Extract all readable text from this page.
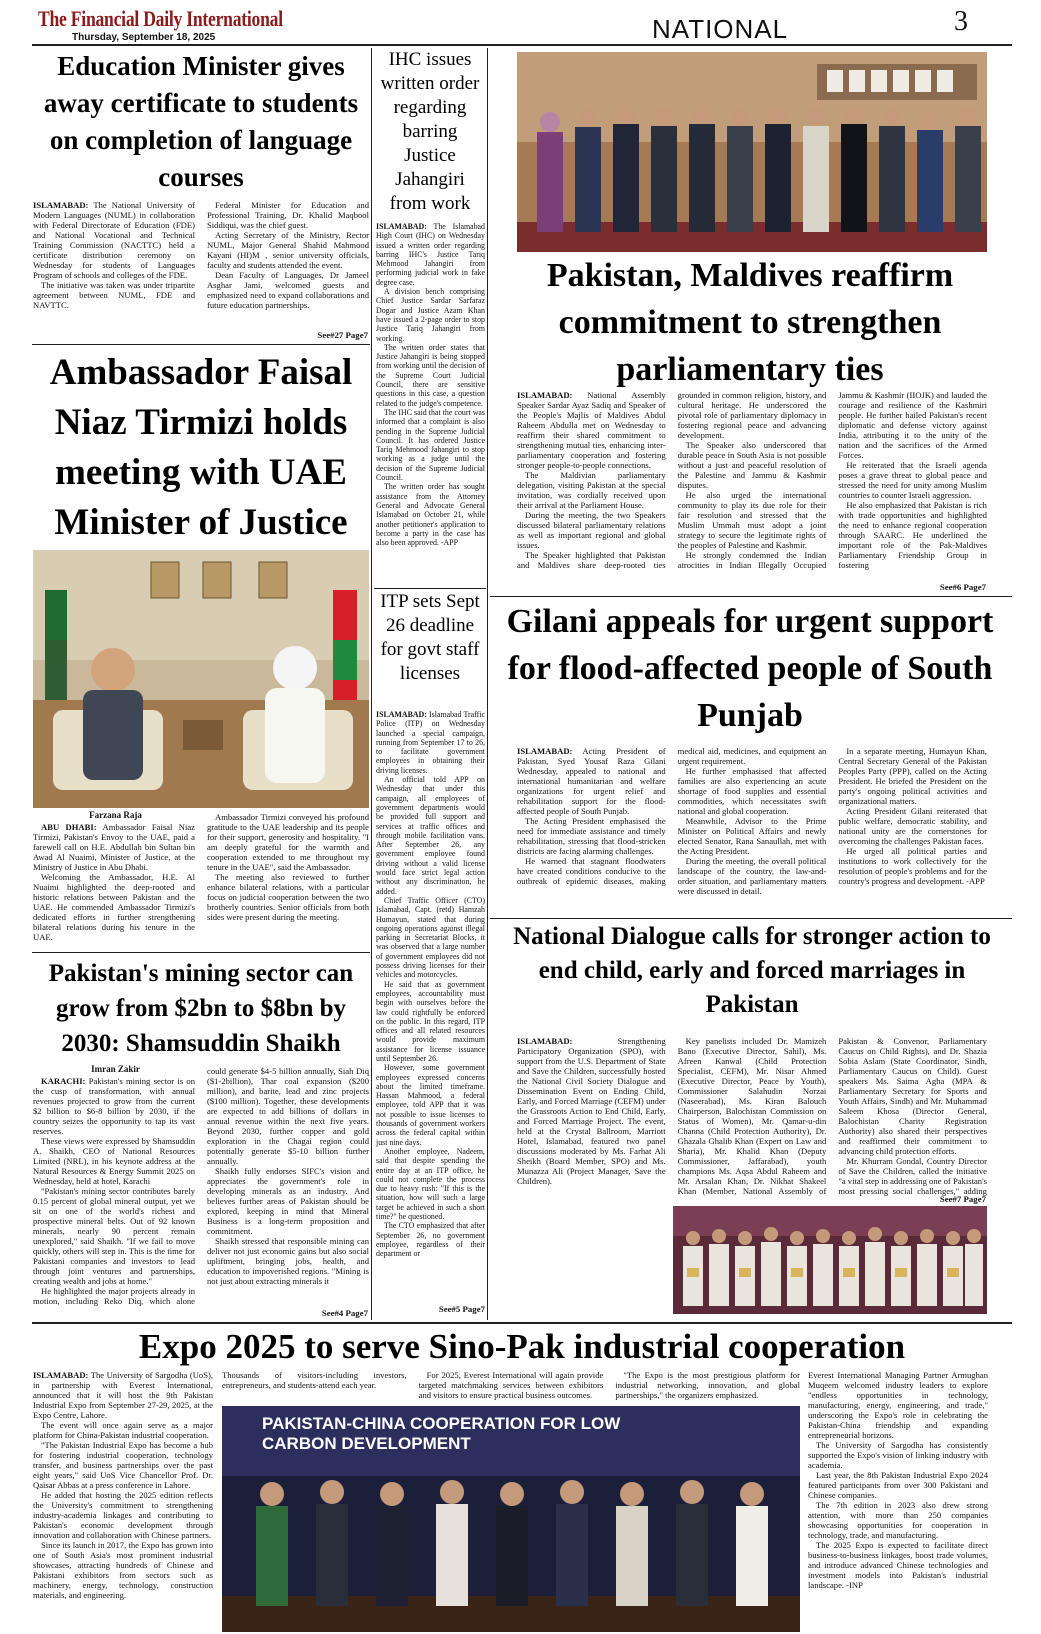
The Financial Daily International
Thursday, September 18, 2025	NATIONAL	3
Education Minister gives away certificate to students on completion of language courses

ISLAMABAD: The National University of Modern Languages (NUML) in collaboration with Federal Directorate of Education (FDE) and National Vocational and Technical Training Commission (NACTTC) held a certificate distribution ceremony on Wednesday for students of Languages Program of schools and colleges of the FDE.

The initiative was taken was under tripartite agreement between NUML, FDE and NAVTTC.

Federal Minister for Education and Professional Training, Dr. Khalid Maqbool Siddiqui, was the chief guest.

Acting Secretary of the Ministry, Rector NUML, Major General Shahid Mahmood Kayani (HI)M , senior university officials, faculty and students attended the event.

Dean Faculty of Languages, Dr Jameel Asghar Jami, welcomed guests and emphasized need to expand collaborations and future education partnerships.

See#27 Page7
Ambassador Faisal Niaz Tirmizi holds meeting with UAE Minister of Justice
Farzana Raja

ABU DHABI: Ambassador Faisal Niaz Tirmizi, Pakistan's Envoy to the UAE, paid a farewell call on H.E. Abdullah bin Sultan bin Awad Al Nuaimi, Minister of Justice, at the Ministry of Justice in Abu Dhabi.

Welcoming the Ambassador, H.E. Al Nuaimi highlighted the deep-rooted and historic relations between Pakistan and the UAE. He commended Ambassador Tirmizi's dedicated efforts in further strengthening bilateral relations during his tenure in the UAE.

Ambassador Tirmizi conveyed his profound gratitude to the UAE leadership and its people for their support, generosity and hospitality. "I am deeply grateful for the warmth and cooperation extended to me throughout my tenure in the UAE", said the Ambassador.

The meeting also reviewed to further enhance bilateral relations, with a particular focus on judicial cooperation between the two brotherly countries. Senior officials from both sides were present during the meeting.

Pakistan's mining sector can grow from $2bn to $8bn by 2030: Shamsuddin Shaikh
Imran Zakir

KARACHI: Pakistan's mining sector is on the cusp of transformation, with annual revenues projected to grow from the current $2 billion to $6-8 billion by 2030, if the country seizes the opportunity to tap its vast reserves.

These views were expressed by Shamsuddin A. Shaikh, CEO of National Resources Limited (NRL), in his keynote address at the Natural Resources & Energy Summit 2025 on Wednesday, held at hotel, Karachi

"Pakistan's mining sector contributes barely 0.15 percent of global mineral output, yet we sit on one of the world's richest and prospective mineral belts. Out of 92 known minerals, nearly 90 percent remain unexplored," said Shaikh. "If we fail to move quickly, others will step in. This is the time for Pakistani companies and investors to lead through joint ventures and partnerships, creating wealth and jobs at home."

He highlighted the major projects already in motion, including Reko Diq, which alone could generate $4-5 billion annually, Siah Diq ($1-2billion), Thar coal expansion ($200 million), and barite, lead and zinc projects ($100 million). Together, these developments are expected to add billions of dollars in annual revenue within the next five years. Beyond 2030, further copper and gold exploration in the Chagai region could potentially generate $5-10 billion further annually.

Shaikh fully endorses SIFC's vision and appreciates the government's role in developing minerals as an industry. And believes further areas of Pakistan should be explored, keeping in mind that Mineral Business is a long-term proposition and commitment.

Shaikh stressed that responsible mining can deliver not just economic gains but also social upliftment, bringing jobs, health, and education to impoverished regions. "Mining is not just about extracting minerals it

See#4 Page7
IHC issues written order regarding barring Justice Jahangiri from work

ISLAMABAD: The Islamabad High Court (IHC) on Wednesday issued a written order regarding barring IHC's Justice Tariq Mehmood Jahangiri from performing judicial work in fake degree case.

A division bench comprising Chief Justice Sardar Sarfaraz Dogar and Justice Azam Khan have issued a 2-page order to stop Justice Tariq Jahangiri from working.

The written order states that Justice Jahangiri is being stopped from working until the decision of the Supreme Court Judicial Council, there are sensitive questions in this case, a question related to the judge's competence.

The IHC said that the court was informed that a complaint is also pending in the Supreme Judicial Council. It has ordered Justice Tariq Mehmood Jahangiri to stop working as a judge until the decision of the Supreme Judicial Council.

The written order has sought assistance from the Attorney General and Advocate General Islamabad on October 21, while another petitioner's application to become a party in the case has also been approved. -APP

ITP sets Sept 26 deadline for govt staff licenses

ISLAMABAD: Islamabad Traffic Police (ITP) on Wednesday launched a special campaign, running from September 17 to 26, to facilitate government employees in obtaining their driving licenses.

An official told APP on Wednesday that under this campaign, all employees of government departments would be provided full support and services at traffic offices and through mobile facilitation vans. After September 26, any government employee found driving without a valid license would face strict legal action without any discrimination, he added.

Chief Traffic Officer (CTO) Islamabad, Capt. (retd) Hamzah Humayun, stated that during ongoing operations against illegal parking in Secretariat Blocks, it was observed that a large number of government employees did not possess driving licenses for their vehicles and motorcycles.

He said that as government employees, accountability must begin with ourselves before the law could rightfully be enforced on the public. In this regard, ITP offices and all related resources would provide maximum assistance for license issuance until September 26.

However, some government employees expressed concerns about the limited timeframe. Hassan Mahmood, a federal employee, told APP that it was not possible to issue licenses to thousands of government workers across the federal capital within just nine days.

Another employee, Nadeem, said that despite spending the entire day at an ITP office, he could not complete the process due to heavy rush: "If this is the situation, how will such a large target be achieved in such a short time?" he questioned.

The CTO emphasized that after September 26, no government employee, regardless of their department or

See#5 Page7
Pakistan, Maldives reaffirm commitment to strengthen parliamentary ties

ISLAMABAD: National Assembly Speaker Sardar Ayaz Sadiq and Speaker of the People's Majlis of Maldives Abdul Raheem Abdulla met on Wednesday to reaffirm their shared commitment to strengthening mutual ties, enhancing inter-parliamentary cooperation and fostering stronger people-to-people connections.

The Maldivian parliamentary delegation, visiting Pakistan at the special invitation, was cordially received upon their arrival at the Parliament House.

During the meeting, the two Speakers discussed bilateral parliamentary relations as well as important regional and global issues.

The Speaker highlighted that Pakistan and Maldives share deep-rooted ties grounded in common religion, history, and cultural heritage. He underscored the pivotal role of parliamentary diplomacy in fostering regional peace and advancing development.

The Speaker also underscored that durable peace in South Asia is not possible without a just and peaceful resolution of the Palestine and Jammu & Kashmir disputes.

He also urged the international community to play its due role for their fair resolution and stressed that the Muslim Ummah must adopt a joint strategy to secure the legitimate rights of the peoples of Palestine and Kashmir.

He strongly condemned the Indian atrocities in Indian Illegally Occupied Jammu & Kashmir (IIOJK) and lauded the courage and resilience of the Kashmiri people. He further hailed Pakistan's recent diplomatic and defense victory against India, attributing it to the unity of the nation and the sacrifices of the Armed Forces.

He reiterated that the Israeli agenda poses a grave threat to global peace and stressed the need for unity among Muslim countries to counter Israeli aggression.

He also emphasized that Pakistan is rich with trade opportunities and highlighted the need to enhance regional cooperation through SAARC. He underlined the important role of the Pak-Maldives Parliamentary Friendship Group in fostering

See#6 Page7
Gilani appeals for urgent support for flood-affected people of South Punjab

ISLAMABAD: Acting President of Pakistan, Syed Yousaf Raza Gilani Wednesday, appealed to national and international humanitarian and welfare organizations for urgent relief and rehabilitation support for the flood-affected people of South Punjab.

The Acting President emphasised the need for immediate assistance and timely rehabilitation, stressing that flood-stricken districts are facing alarming challenges.

He warned that stagnant floodwaters have created conditions conducive to the outbreak of epidemic diseases, making medical aid, medicines, and equipment an urgent requirement.

He further emphasised that affected families are also experiencing an acute shortage of food supplies and essential commodities, which necessitates swift national and global cooperation.

Meanwhile, Advisor to the Prime Minister on Political Affairs and newly elected Senator, Rana Sanaullah, met with the Acting President.

During the meeting, the overall political landscape of the country, the law-and-order situation, and parliamentary matters were discussed in detail.

In a separate meeting, Humayun Khan, Central Secretary General of the Pakistan Peoples Party (PPP), called on the Acting President. He briefed the President on the party's ongoing political activities and organizational matters.

Acting President Gilani reiterated that public welfare, democratic stability, and national unity are the cornerstones for overcoming the challenges Pakistan faces.

He urged all political parties and institutions to work collectively for the resolution of people's problems and for the country's progress and development. -APP

National Dialogue calls for stronger action to end child, early and forced marriages in Pakistan

ISLAMABAD:	Strengthening Participatory Organization (SPO), with support from the U.S. Department of State and Save the Children, successfully hosted the National Civil Society Dialogue and Dissemination Event on Ending Child, Early, and Forced Marriage (CEFM) under the Grassroots Action to End Child, Early, and Forced Marriage Project. The event, held at the Crystal Ballroom, Marriott Hotel, Islamabad, featured two panel discussions moderated by Ms. Farhat Ali Sheikh (Board Member, SPO) and Ms. Munazza Ali (Project Manager, Save the Children).

Key panelists included Dr. Mamizeh Bano (Executive Director, Sahil), Ms. Afreen Kanwal (Child Protection Specialist, CEFM), Mr. Nisar Ahmed (Executive Director, Peace by Youth), Commissioner Salahudin Norzai (Naseerabad), Ms. Kiran Balouch Chairperson, Balochistan Commission on Status of Women), Mr. Qamar-u-din Channa (Child Protection Authority), Dr. Ghazala Ghalib Khan (Expert on Law and Sharia), Mr. Khalid Khan (Deputy Commissioner, Jaffarabad), youth champions Ms. Aqsa Abdul Raheem and Mr. Arsalan Khan, Dr. Nikhat Shakeel Khan (Member, National Assembly of Pakistan & Convenor, Parliamentary Caucus on Child Rights), and Dr. Shazia Sobia Aslam (State Coordinator, Sindh, Parliamentary Caucus on Child). Guest speakers Ms. Saima Agha (MPA & Parliamentary Secretary for Sports and Youth Affairs, Sindh) and Mr. Muhammad Saleem Khosa (Director General, Balochistan Charity Registration Authority) also shared their perspectives and reaffirmed their commitment to advancing child protection efforts.

Mr. Khurram Gondal, Country Director of Save the Children, called the initiative "a vital step in addressing one of Pakistan's most pressing social challenges," adding

See#7 Page7
Expo 2025 to serve Sino-Pak industrial cooperation

ISLAMABAD: The University of Sargodha (UoS), in partnership with Everest International, announced that it will host the 9th Pakistan Industrial Expo from September 27-29, 2025, at the Expo Centre, Lahore.

The event will once again serve as a major platform for China-Pakistan industrial cooperation.

"The Pakistan Industrial Expo has become a hub for fostering industrial cooperation, technology transfer, and business partnerships over the past eight years," said UoS Vice Chancellor Prof. Dr. Qaisar Abbas at a press conference in Lahore.

He added that hosting the 2025 edition reflects the University's commitment to strengthening industry-academia linkages and contributing to Pakistan's economic development through innovation and collaboration with Chinese partners.

Since its launch in 2017, the Expo has grown into one of South Asia's most prominent industrial showcases, attracting hundreds of Chinese and Pakistani exhibitors from sectors such as machinery, energy, technology, construction materials, and engineering.

Thousands of visitors-including investors, entrepreneurs, and students-attend each year.

For 2025, Everest International will again provide targeted matchmaking services between exhibitors and visitors to ensure practical business outcomes.

"The Expo is the most prestigious platform for industrial networking, innovation, and global partnerships," the organizers emphasized.

PAKISTAN-CHINA COOPERATION FOR LOW CARBON DEVELOPMENT

Everest International Managing Partner Armughan Muqeem welcomed industry leaders to explore "endless opportunities in technology, manufacturing, energy, engineering, and trade," underscoring the Expo's role in celebrating the Pakistan-China friendship and expanding entrepreneurial horizons.

The University of Sargodha has consistently supported the Expo's vision of linking industry with academia.

Last year, the 8th Pakistan Industrial Expo 2024 featured participants from over 300 Pakistani and Chinese companies.

The 7th edition in 2023 also drew strong attention, with more than 250 companies showcasing opportunities for cooperation in technology, trade, and manufacturing.

The 2025 Expo is expected to facilitate direct business-to-business linkages, boost trade volumes, and introduce advanced Chinese technologies and investment models into Pakistan's industrial landscape. -INP
